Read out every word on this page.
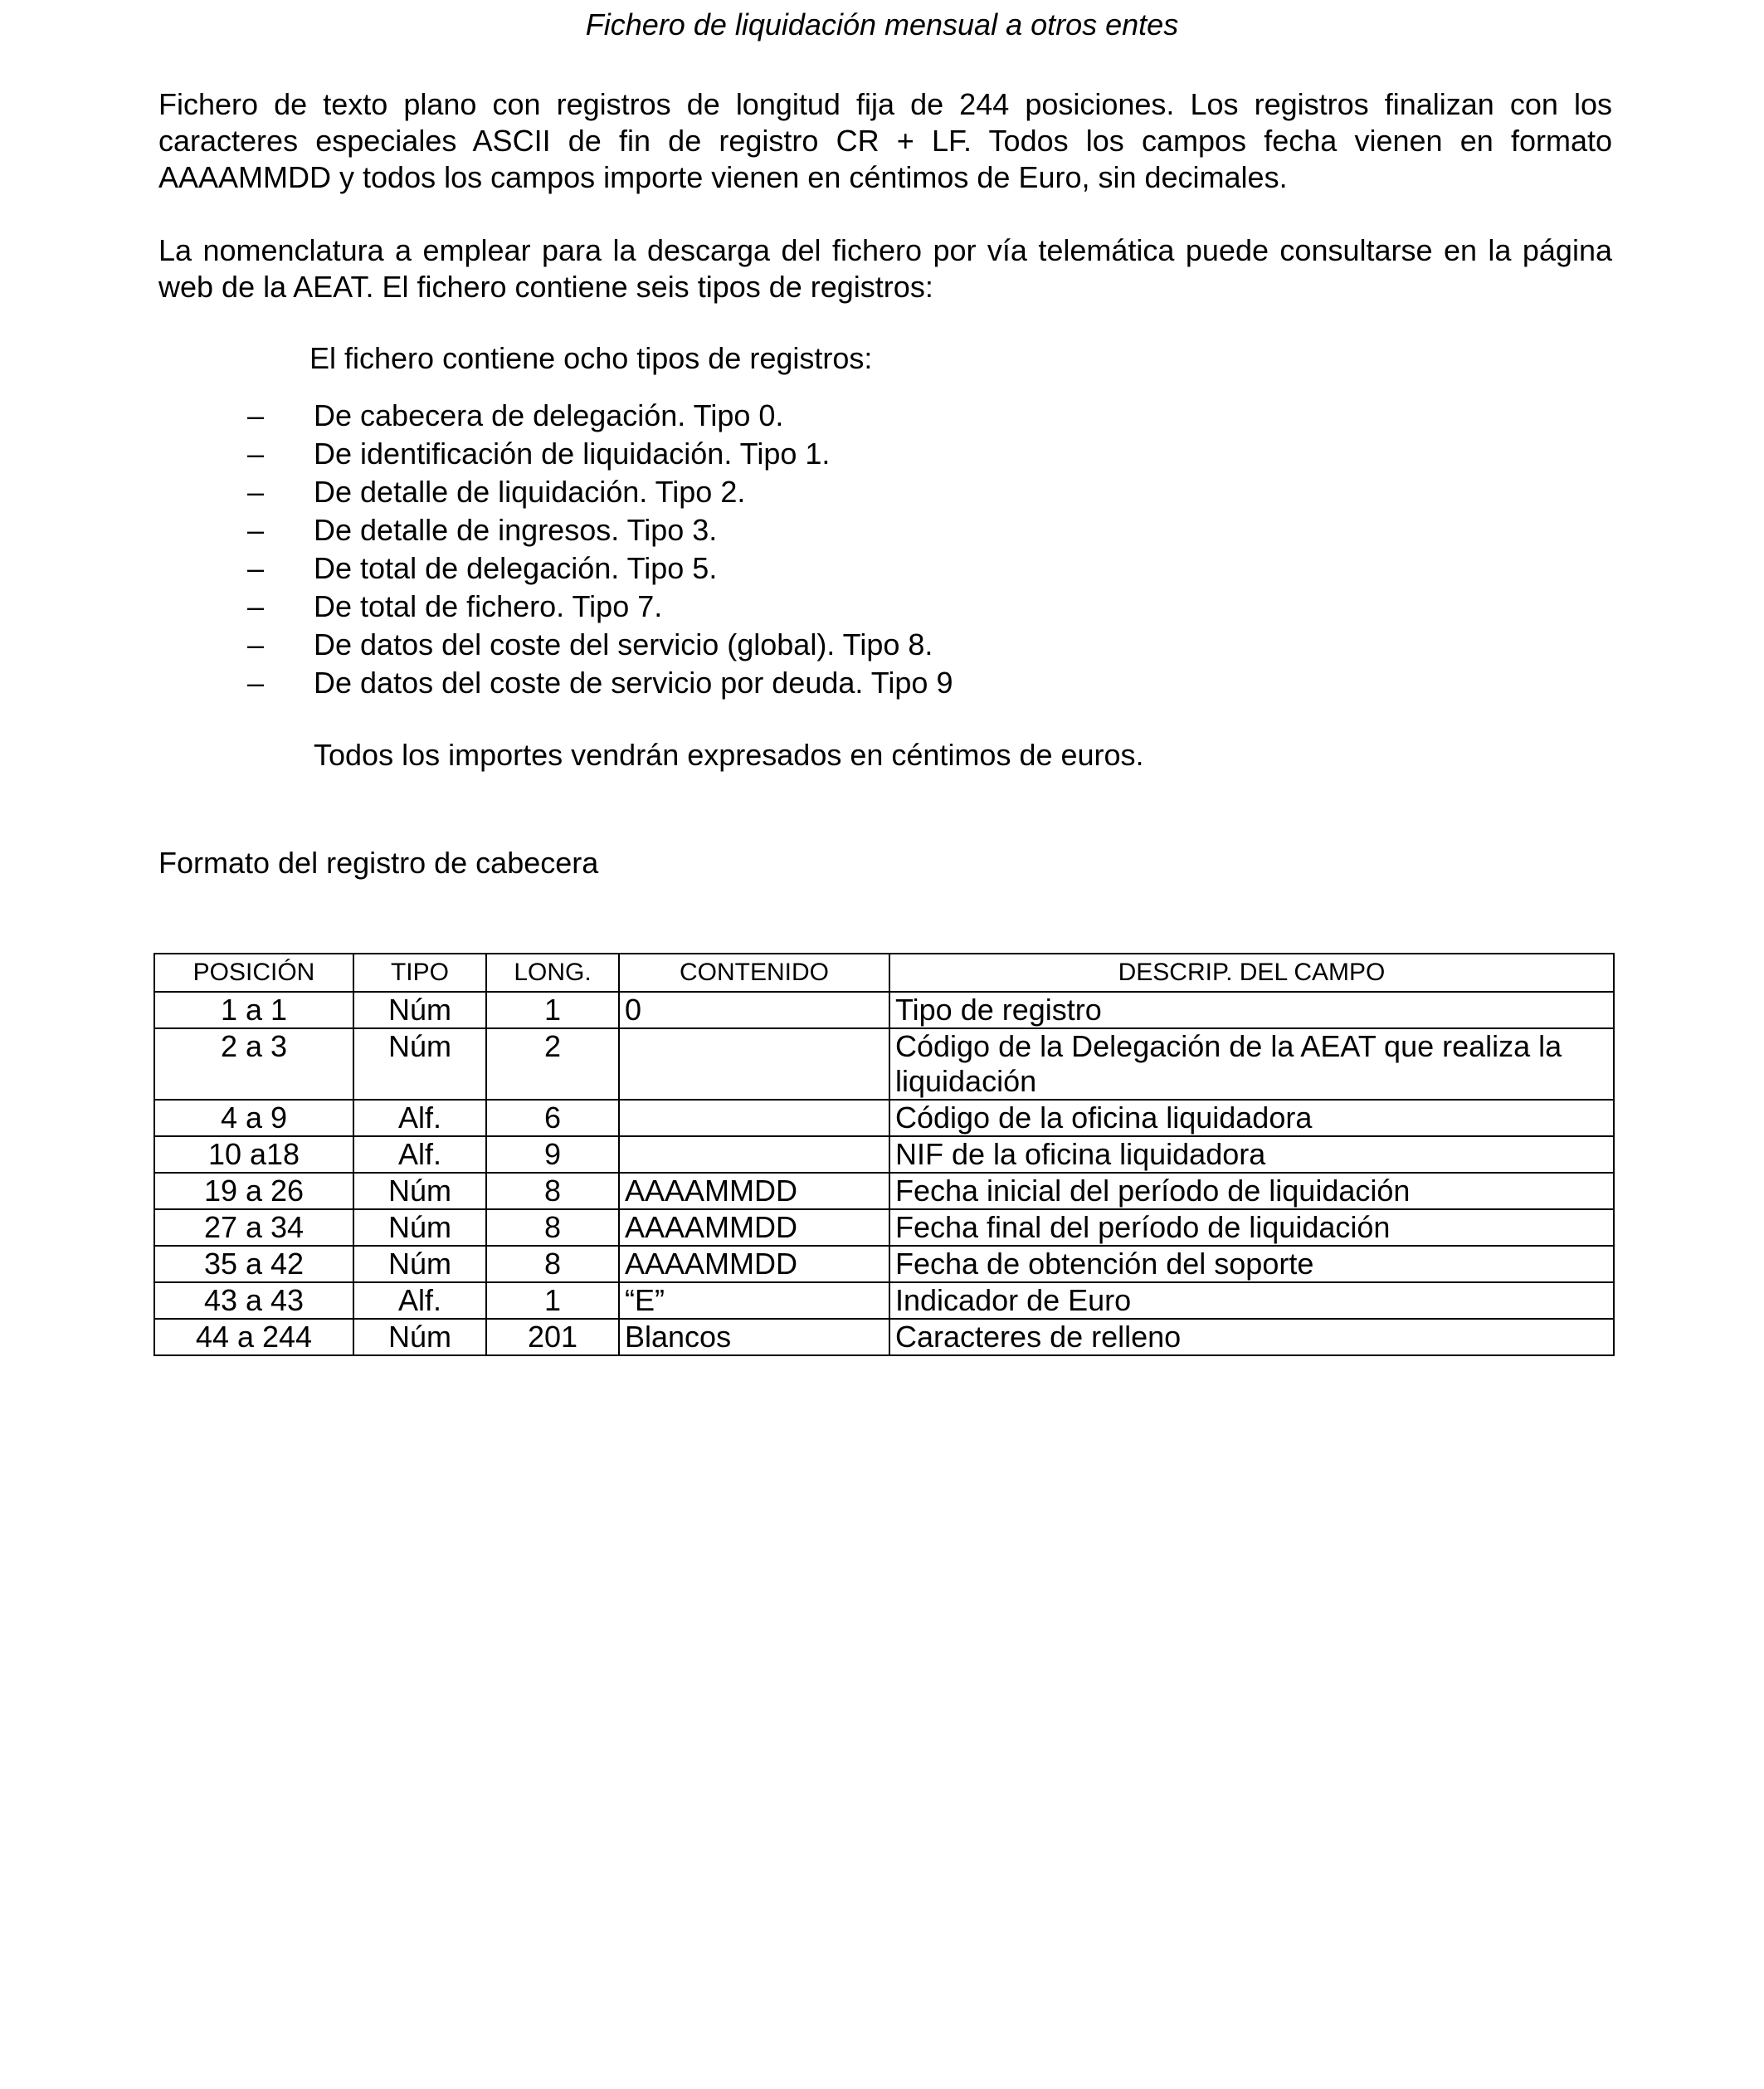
Fichero de liquidación mensual a otros entes

Fichero de texto plano con registros de longitud fija de 244 posiciones. Los registros finalizan con los caracteres especiales ASCII de fin de registro CR + LF. Todos los campos fecha vienen en formato AAAAMMDD y todos los campos importe vienen en céntimos de Euro, sin decimales.

La nomenclatura a emplear para la descarga del fichero por vía telemática puede consultarse en la página web de la AEAT. El fichero contiene seis tipos de registros:

El fichero contiene ocho tipos de registros:
–	De cabecera de delegación. Tipo 0.
–	De identificación de liquidación. Tipo 1.
–	De detalle de liquidación. Tipo 2.
–	De detalle de ingresos. Tipo 3.
–	De total de delegación. Tipo 5.
–	De total de fichero. Tipo 7.
–	De datos del coste del servicio (global). Tipo 8.
–	De datos del coste de servicio por deuda. Tipo 9
Todos los importes vendrán expresados en céntimos de euros.
Formato del registro de cabecera
POSICIÓN	TIPO	LONG.	CONTENIDO	DESCRIP. DEL CAMPO
1 a 1	Núm	1	0	Tipo de registro
2 a 3	Núm	2		Código de la Delegación de la AEAT que realiza la liquidación
4 a 9	Alf.	6		Código de la oficina liquidadora
10 a18	Alf.	9		NIF de la oficina liquidadora
19 a 26	Núm	8	AAAAMMDD	Fecha inicial del período de liquidación
27 a 34	Núm	8	AAAAMMDD	Fecha final del período de liquidación
35 a 42	Núm	8	AAAAMMDD	Fecha de obtención del soporte
43 a 43	Alf.	1	“E”	Indicador de Euro
44 a 244	Núm	201	Blancos	Caracteres de relleno
